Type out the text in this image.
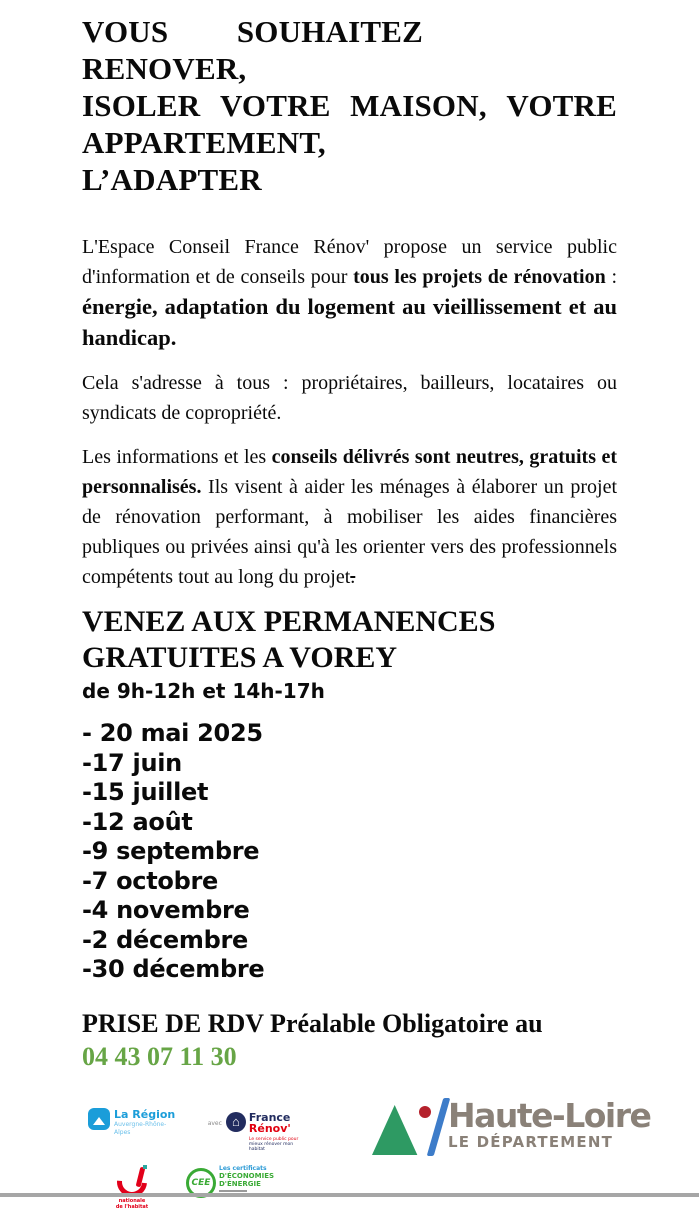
VOUS SOUHAITEZ
RENOVER,
ISOLER VOTRE MAISON, VOTRE
APPARTEMENT,
L’ADAPTER
L'Espace Conseil France Rénov' propose un service public d'information et de conseils pour tous les projets de rénovation : énergie, adaptation du logement au vieillissement et au handicap.
Cela s'adresse à tous : propriétaires, bailleurs, locataires ou syndicats de copropriété.
Les informations et les conseils délivrés sont neutres, gratuits et personnalisés. Ils visent à aider les ménages à élaborer un projet de rénovation performant, à mobiliser les aides financières publiques ou privées ainsi qu'à les orienter vers des professionnels compétents tout au long du projet.
VENEZ AUX PERMANENCES
GRATUITES A VOREY
de 9h-12h et 14h-17h
- 20 mai 2025
-17 juin
-15 juillet
-12 août
-9 septembre
-7 octobre
-4 novembre
-2 décembre
-30 décembre
PRISE DE RDV Préalable Obligatoire au
04 43 07 11 30
La Région
Auvergne-Rhône-Alpes
avec ⌂ France
Rénov'
Le service public pour
mieux rénover mon habitat
nationale
de l'habitat
CEE
Les certificats
D'ÉCONOMIES
D'ÉNERGIE
Haute-Loire
LE DÉPARTEMENT
